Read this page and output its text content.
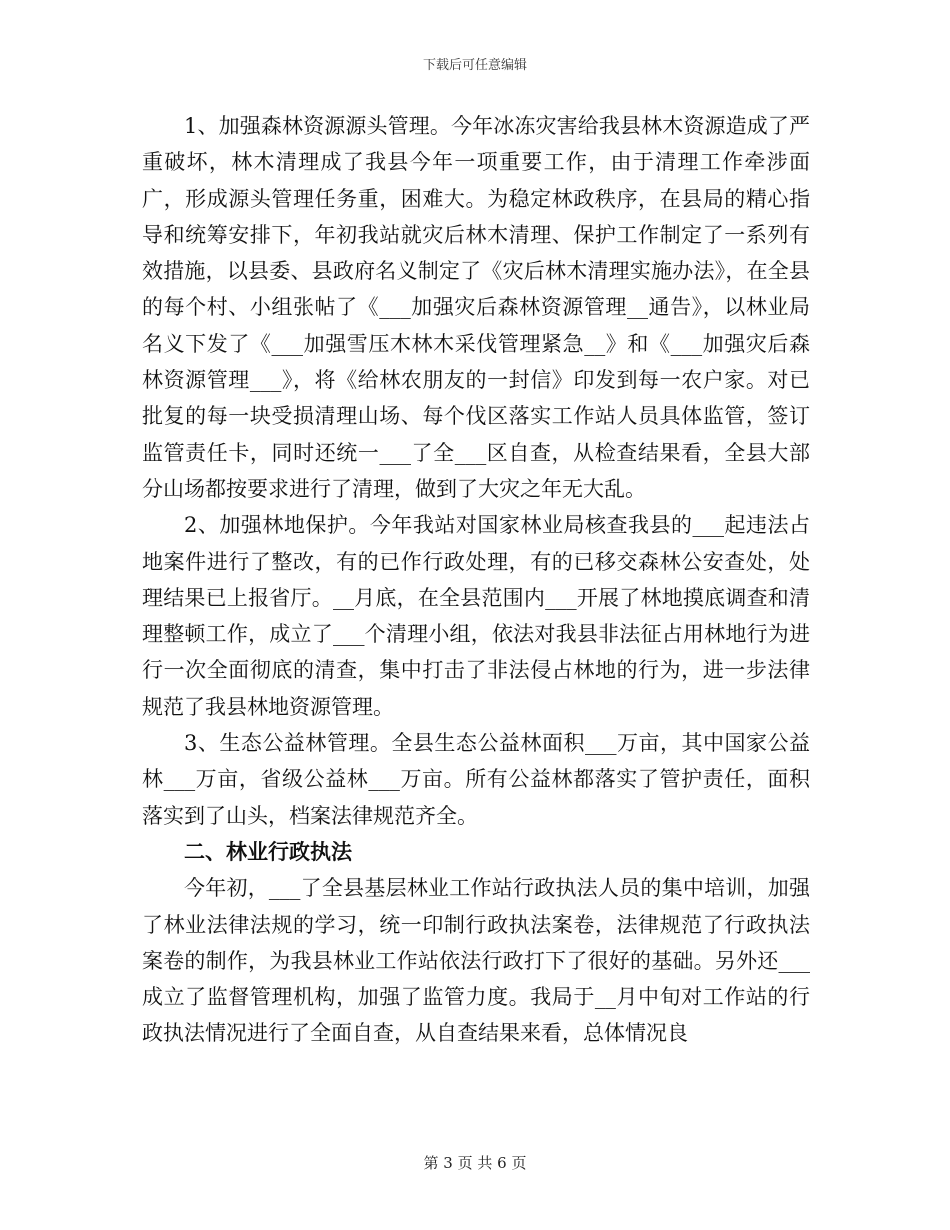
下载后可任意编辑

1、加强森林资源源头管理。今年冰冻灾害给我县林木资源造成了严重破坏，林木清理成了我县今年一项重要工作，由于清理工作牵涉面广，形成源头管理任务重，困难大。为稳定林政秩序，在县局的精心指导和统筹安排下，年初我站就灾后林木清理、保护工作制定了一系列有效措施，以县委、县政府名义制定了《灾后林木清理实施办法》，在全县的每个村、小组张帖了《___加强灾后森林资源管理__通告》，以林业局名义下发了《___加强雪压木林木采伐管理紧急__》和《___加强灾后森林资源管理___》，将《给林农朋友的一封信》印发到每一农户家。对已批复的每一块受损清理山场、每个伐区落实工作站人员具体监管，签订监管责任卡，同时还统一___了全___区自查，从检查结果看，全县大部分山场都按要求进行了清理，做到了大灾之年无大乱。

2、加强林地保护。今年我站对国家林业局核查我县的___起违法占地案件进行了整改，有的已作行政处理，有的已移交森林公安查处，处理结果已上报省厅。__月底，在全县范围内___开展了林地摸底调查和清理整顿工作，成立了___个清理小组，依法对我县非法征占用林地行为进行一次全面彻底的清查，集中打击了非法侵占林地的行为，进一步法律规范了我县林地资源管理。

3、生态公益林管理。全县生态公益林面积___万亩，其中国家公益林___万亩，省级公益林___万亩。所有公益林都落实了管护责任，面积落实到了山头，档案法律规范齐全。

二、林业行政执法

今年初，___了全县基层林业工作站行政执法人员的集中培训，加强了林业法律法规的学习，统一印制行政执法案卷，法律规范了行政执法案卷的制作，为我县林业工作站依法行政打下了很好的基础。另外还___成立了监督管理机构，加强了监管力度。我局于__月中旬对工作站的行政执法情况进行了全面自查，从自查结果来看，总体情况良

第 3 页 共 6 页
